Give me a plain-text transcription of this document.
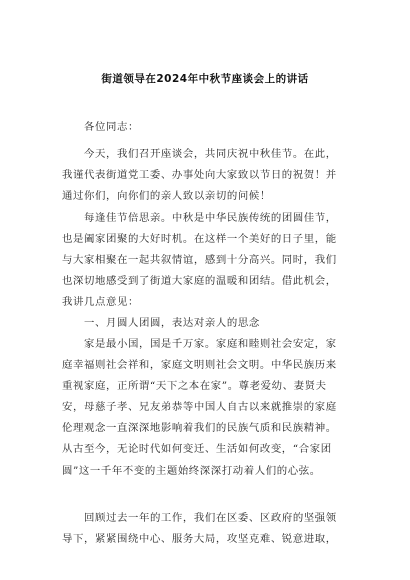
街道领导在2024年中秋节座谈会上的讲话
各位同志：
今天，我们召开座谈会，共同庆祝中秋佳节。在此，
我谨代表街道党工委、办事处向大家致以节日的祝贺！并
通过你们，向你们的亲人致以亲切的问候！
每逢佳节倍思亲。中秋是中华民族传统的团圆佳节，
也是阖家团聚的大好时机。在这样一个美好的日子里，能
与大家相聚在一起共叙情谊，感到十分高兴。同时，我们
也深切地感受到了街道大家庭的温暖和团结。借此机会，
我讲几点意见：
一、月圆人团圆，表达对亲人的思念
家是最小国，国是千万家。家庭和睦则社会安定，家
庭幸福则社会祥和，家庭文明则社会文明。中华民族历来
重视家庭，正所谓“天下之本在家”。尊老爱幼、妻贤夫
安，母慈子孝、兄友弟恭等中国人自古以来就推崇的家庭
伦理观念一直深深地影响着我们的民族气质和民族精神。
从古至今，无论时代如何变迁、生活如何改变，“合家团
圆”这一千年不变的主题始终深深打动着人们的心弦。
回顾过去一年的工作，我们在区委、区政府的坚强领
导下，紧紧围绕中心、服务大局，攻坚克难、锐意进取，
